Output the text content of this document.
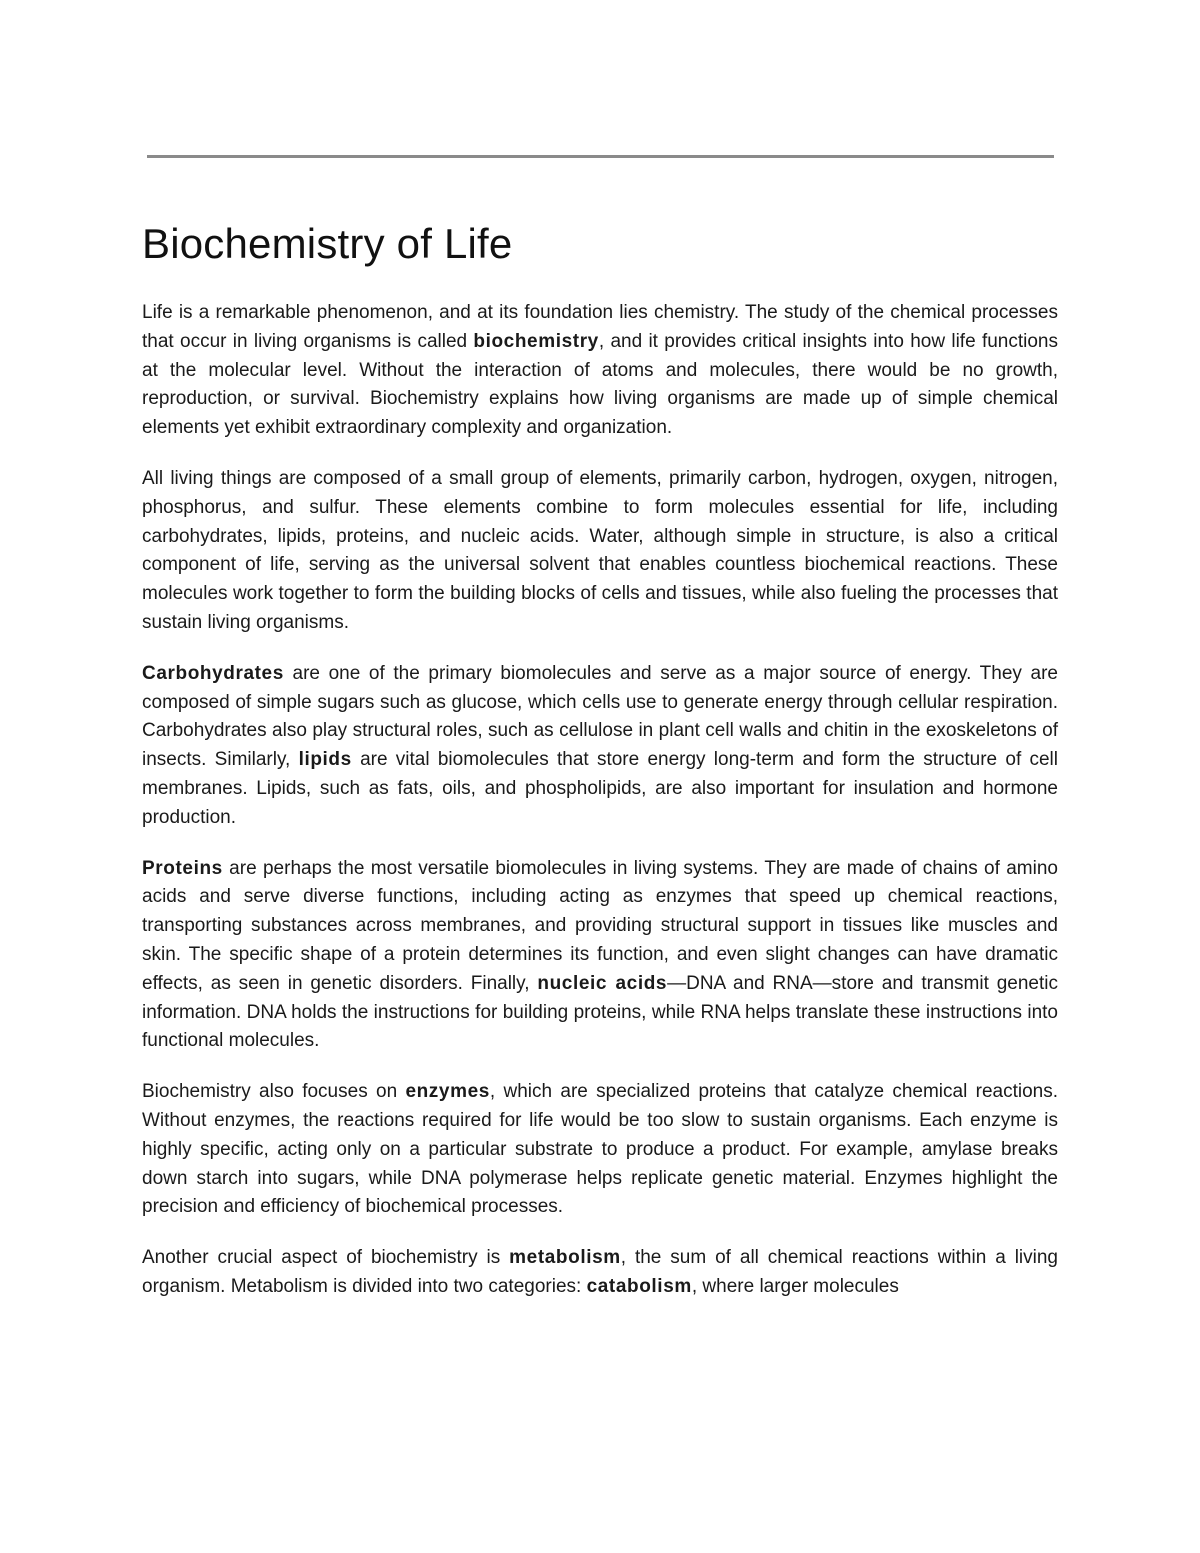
Biochemistry of Life

Life is a remarkable phenomenon, and at its foundation lies chemistry. The study of the chemical processes that occur in living organisms is called biochemistry, and it provides critical insights into how life functions at the molecular level. Without the interaction of atoms and molecules, there would be no growth, reproduction, or survival. Biochemistry explains how living organisms are made up of simple chemical elements yet exhibit extraordinary complexity and organization.

All living things are composed of a small group of elements, primarily carbon, hydrogen, oxygen, nitrogen, phosphorus, and sulfur. These elements combine to form molecules essential for life, including carbohydrates, lipids, proteins, and nucleic acids. Water, although simple in structure, is also a critical component of life, serving as the universal solvent that enables countless biochemical reactions. These molecules work together to form the building blocks of cells and tissues, while also fueling the processes that sustain living organisms.

Carbohydrates are one of the primary biomolecules and serve as a major source of energy. They are composed of simple sugars such as glucose, which cells use to generate energy through cellular respiration. Carbohydrates also play structural roles, such as cellulose in plant cell walls and chitin in the exoskeletons of insects. Similarly, lipids are vital biomolecules that store energy long-term and form the structure of cell membranes. Lipids, such as fats, oils, and phospholipids, are also important for insulation and hormone production.

Proteins are perhaps the most versatile biomolecules in living systems. They are made of chains of amino acids and serve diverse functions, including acting as enzymes that speed up chemical reactions, transporting substances across membranes, and providing structural support in tissues like muscles and skin. The specific shape of a protein determines its function, and even slight changes can have dramatic effects, as seen in genetic disorders. Finally, nucleic acids—DNA and RNA—store and transmit genetic information. DNA holds the instructions for building proteins, while RNA helps translate these instructions into functional molecules.

Biochemistry also focuses on enzymes, which are specialized proteins that catalyze chemical reactions. Without enzymes, the reactions required for life would be too slow to sustain organisms. Each enzyme is highly specific, acting only on a particular substrate to produce a product. For example, amylase breaks down starch into sugars, while DNA polymerase helps replicate genetic material. Enzymes highlight the precision and efficiency of biochemical processes.

Another crucial aspect of biochemistry is metabolism, the sum of all chemical reactions within a living organism. Metabolism is divided into two categories: catabolism, where larger molecules
